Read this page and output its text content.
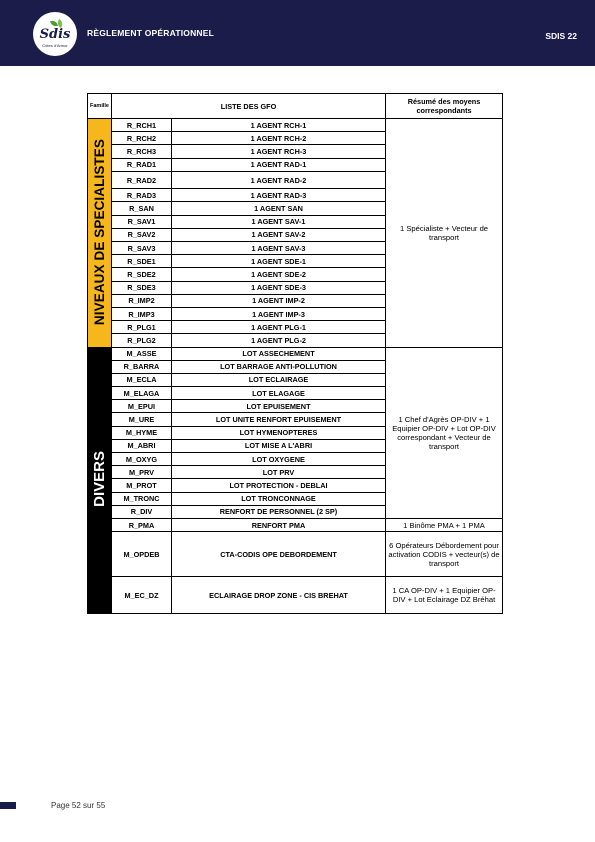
Sdis
Côtes d'Armor
RÈGLEMENT OPÉRATIONNEL	SDIS 22
Famille	LISTE DES GFO		Résumé des moyens correspondants
NIVEAUX DE SPECIALISTES	R_RCH1	1 AGENT RCH-1	1 Spécialiste + Vecteur de transport
	R_RCH2	1 AGENT RCH-2	
	R_RCH3	1 AGENT RCH-3	
	R_RAD1	1 AGENT RAD-1	
	R_RAD2	1 AGENT RAD-2	
	R_RAD3	1 AGENT RAD-3	
	R_SAN	1 AGENT SAN	
	R_SAV1	1 AGENT SAV-1	
	R_SAV2	1 AGENT SAV-2	
	R_SAV3	1 AGENT SAV-3	
	R_SDE1	1 AGENT SDE-1	
	R_SDE2	1 AGENT SDE-2	
	R_SDE3	1 AGENT SDE-3	
	R_IMP2	1 AGENT IMP-2	
	R_IMP3	1 AGENT IMP-3	
	R_PLG1	1 AGENT PLG-1	
	R_PLG2	1 AGENT PLG-2	
DIVERS	M_ASSE	LOT ASSECHEMENT	1 Chef d'Agrès OP-DIV + 1 Equipier OP-DIV + Lot OP-DIV correspondant + Vecteur de transport
	R_BARRA	LOT BARRAGE ANTI-POLLUTION	
	M_ECLA	LOT ECLAIRAGE	
	M_ELAGA	LOT ELAGAGE	
	M_EPUI	LOT EPUISEMENT	
	M_URE	LOT UNITE RENFORT EPUISEMENT	
	M_HYME	LOT HYMENOPTERES	
	M_ABRI	LOT MISE A L'ABRI	
	M_OXYG	LOT OXYGENE	
	M_PRV	LOT PRV	
	M_PROT	LOT PROTECTION - DEBLAI	
	M_TRONC	LOT TRONCONNAGE	
	R_DIV	RENFORT DE PERSONNEL (2 SP)	
	R_PMA	RENFORT PMA	1 Binôme PMA + 1 PMA
	M_OPDEB	CTA-CODIS OPE DEBORDEMENT	6 Opérateurs Débordement pour activation CODIS + vecteur(s) de transport
	M_EC_DZ	ECLAIRAGE DROP ZONE - CIS BREHAT	1 CA OP-DIV + 1 Equipier OP-DIV + Lot Eclairage DZ Bréhat
Page 52 sur 55
